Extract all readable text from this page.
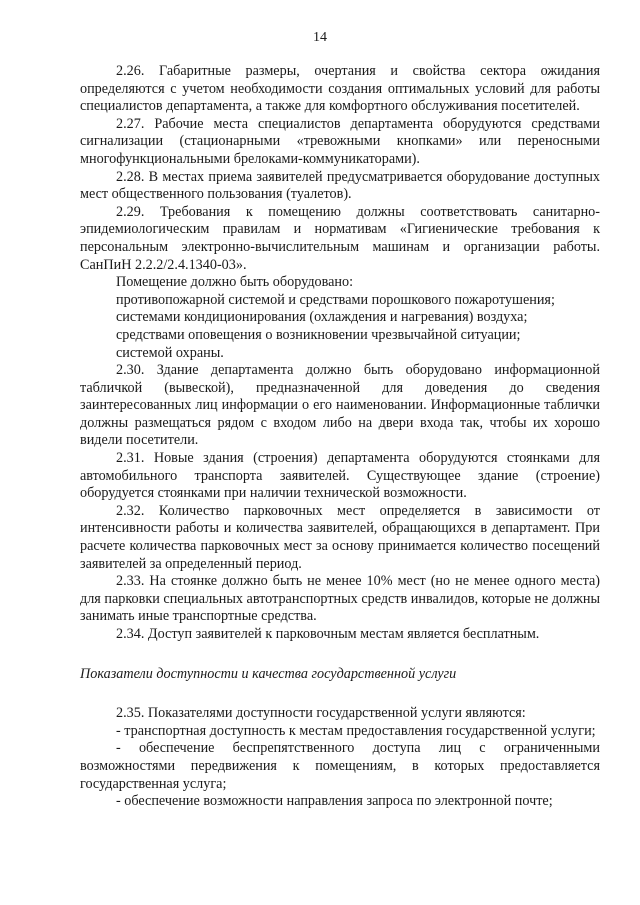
14

2.26. Габаритные размеры, очертания и свойства сектора ожидания определяются с учетом необходимости создания оптимальных условий для работы специалистов департамента, а также для комфортного обслуживания посетителей.

2.27. Рабочие места специалистов департамента оборудуются средствами сигнализации (стационарными «тревожными кнопками» или переносными многофункциональными брелоками-коммуникаторами).

2.28. В местах приема заявителей предусматривается оборудование доступных мест общественного пользования (туалетов).

2.29. Требования к помещению должны соответствовать санитарно-эпидемиологическим правилам и нормативам «Гигиенические требования к персональным электронно-вычислительным машинам и организации работы. СанПиН 2.2.2/2.4.1340-03».

Помещение должно быть оборудовано:

противопожарной системой и средствами порошкового пожаротушения;

системами кондиционирования (охлаждения и нагревания) воздуха;

средствами оповещения о возникновении чрезвычайной ситуации;

системой охраны.

2.30. Здание департамента должно быть оборудовано информационной табличкой (вывеской), предназначенной для доведения до сведения заинтересованных лиц информации о его наименовании. Информационные таблички должны размещаться рядом с входом либо на двери входа так, чтобы их хорошо видели посетители.

2.31. Новые здания (строения) департамента оборудуются стоянками для автомобильного транспорта заявителей. Существующее здание (строение) оборудуется стоянками при наличии технической возможности.

2.32. Количество парковочных мест определяется в зависимости от интенсивности работы и количества заявителей, обращающихся в департамент. При расчете количества парковочных мест за основу принимается количество посещений заявителей за определенный период.

2.33. На стоянке должно быть не менее 10% мест (но не менее одного места) для парковки специальных автотранспортных средств инвалидов, которые не должны занимать иные транспортные средства.

2.34. Доступ заявителей к парковочным местам является бесплатным.

Показатели доступности и качества государственной услуги

2.35. Показателями доступности государственной услуги являются:

- транспортная доступность к местам предоставления государственной услуги;

- обеспечение беспрепятственного доступа лиц с ограниченными возможностями передвижения к помещениям, в которых предоставляется государственная услуга;

- обеспечение возможности направления запроса по электронной почте;
